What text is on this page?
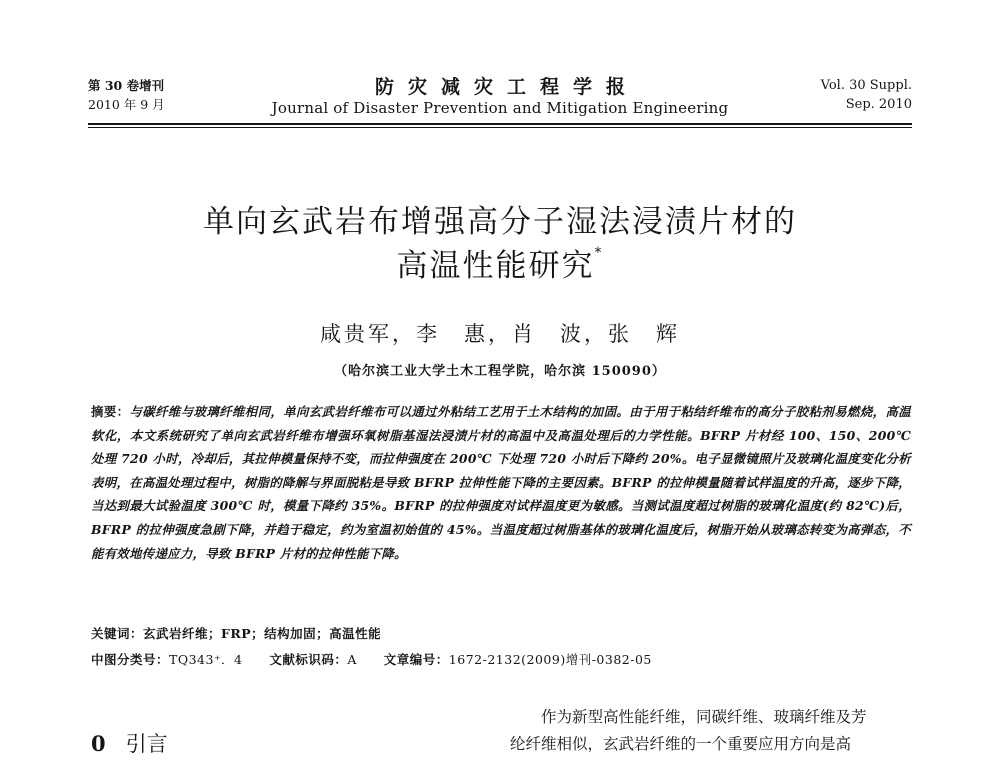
第 30 卷增刊
2010 年 9 月
防灾减灾工程学报
Journal of Disaster Prevention and Mitigation Engineering
Vol. 30 Suppl.
Sep. 2010
单向玄武岩布增强高分子湿法浸渍片材的
高温性能研究*
咸贵军，李　惠，肖　波，张　辉
（哈尔滨工业大学土木工程学院，哈尔滨 150090）
摘要：与碳纤维与玻璃纤维相同，单向玄武岩纤维布可以通过外粘结工艺用于土木结构的加固。由于用于粘结纤维布的高分子胶粘剂易燃烧，高温软化，本文系统研究了单向玄武岩纤维布增强环氧树脂基湿法浸渍片材的高温中及高温处理后的力学性能。BFRP 片材经 100、150、200℃ 处理 720 小时，冷却后，其拉伸模量保持不变，而拉伸强度在 200℃ 下处理 720 小时后下降约 20%。电子显微镜照片及玻璃化温度变化分析表明，在高温处理过程中，树脂的降解与界面脱粘是导致 BFRP 拉伸性能下降的主要因素。BFRP 的拉伸模量随着试样温度的升高，逐步下降，当达到最大试验温度 300℃ 时，模量下降约 35%。BFRP 的拉伸强度对试样温度更为敏感。当测试温度超过树脂的玻璃化温度(约 82℃)后，BFRP 的拉伸强度急剧下降，并趋于稳定，约为室温初始值的 45%。当温度超过树脂基体的玻璃化温度后，树脂开始从玻璃态转变为高弹态，不能有效地传递应力，导致 BFRP 片材的拉伸性能下降。
关键词：玄武岩纤维；FRP；结构加固；高温性能
中图分类号：TQ343⁺．4 文献标识码：A 文章编号：1672-2132(2009)增刊-0382-05
0 引言
作为新型高性能纤维，同碳纤维、玻璃纤维及芳
纶纤维相似，玄武岩纤维的一个重要应用方向是高
